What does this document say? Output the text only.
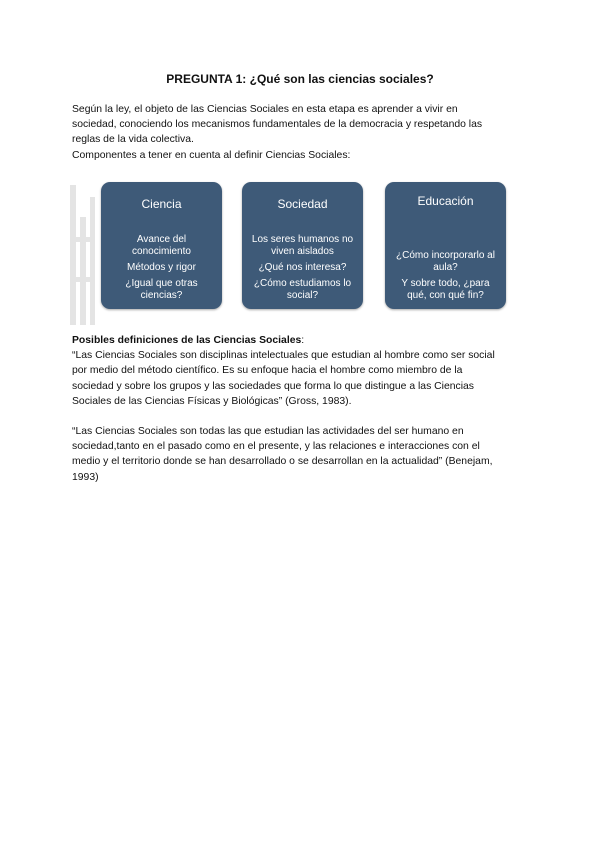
PREGUNTA 1: ¿Qué son las ciencias sociales?
Según la ley, el objeto de las Ciencias Sociales en esta etapa es aprender a vivir en
sociedad, conociendo los mecanismos fundamentales de la democracia y respetando las
reglas de la vida colectiva.
Componentes a tener en cuenta al definir Ciencias Sociales:
Ciencia

Avance del conocimiento

Métodos y rigor

¿Igual que otras ciencias?

Sociedad

Los seres humanos no viven aislados

¿Qué nos interesa?

¿Cómo estudiamos lo social?

Educación

¿Cómo incorporarlo al aula?

Y sobre todo, ¿para qué, con qué fin?

Posibles definiciones de las Ciencias Sociales:

“Las Ciencias Sociales son disciplinas intelectuales que estudian al hombre como ser social

por medio del método científico. Es su enfoque hacia el hombre como miembro de la

sociedad y sobre los grupos y las sociedades que forma lo que distingue a las Ciencias

Sociales de las Ciencias Físicas y Biológicas” (Gross, 1983).

“Las Ciencias Sociales son todas las que estudian las actividades del ser humano en

sociedad,tanto en el pasado como en el presente, y las relaciones e interacciones con el

medio y el territorio donde se han desarrollado o se desarrollan en la actualidad” (Benejam,

1993)
